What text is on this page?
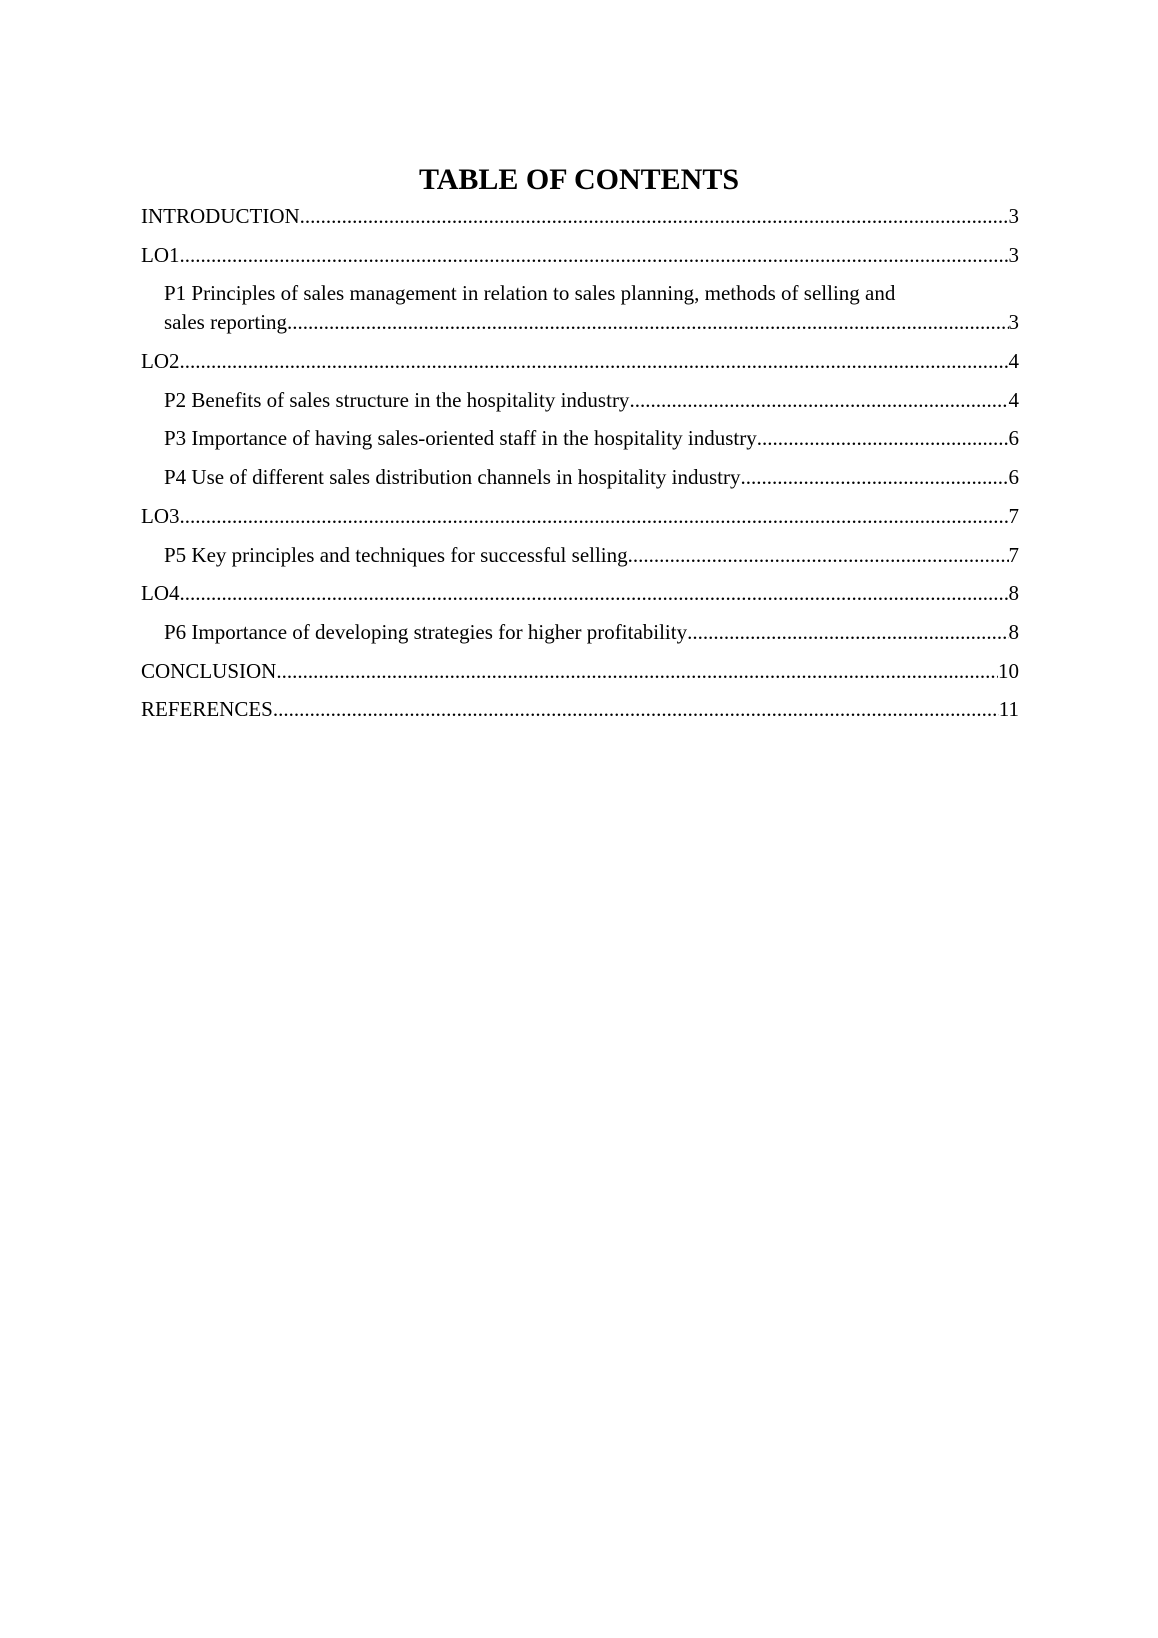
TABLE OF CONTENTS
INTRODUCTION .....	3
LO1 .....	3
P1 Principles of sales management in relation to sales planning, methods of selling and
sales reporting .....	3
LO2 .....	4
P2 Benefits of sales structure in the hospitality industry .....	4
P3 Importance of having sales-oriented staff in the hospitality industry .....	6
P4 Use of different sales distribution channels in hospitality industry .....	6
LO3 .....	7
P5 Key principles and techniques for successful selling .....	7
LO4 .....	8
P6 Importance of developing strategies for higher profitability .....	8
CONCLUSION .....	10
REFERENCES .....	11
